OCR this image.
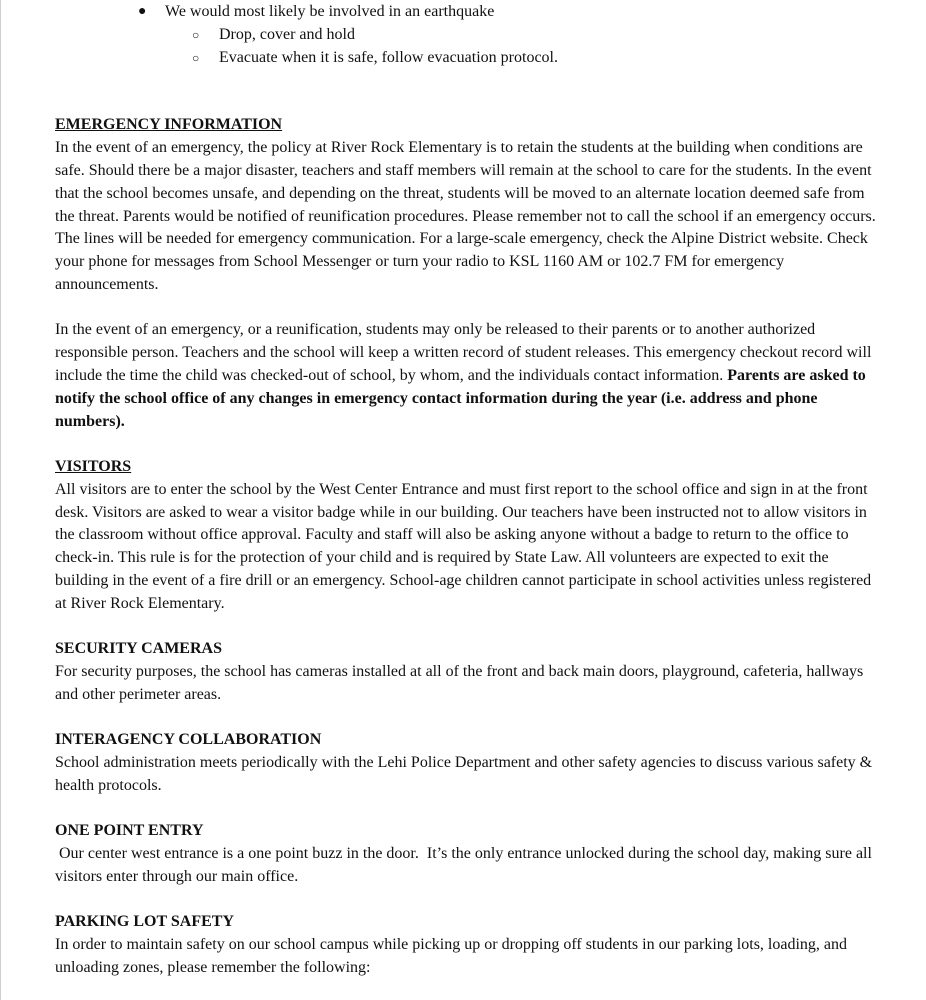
● We would most likely be involved in an earthquake
○ Drop, cover and hold
○ Evacuate when it is safe, follow evacuation protocol.

EMERGENCY INFORMATION

In the event of an emergency, the policy at River Rock Elementary is to retain the students at the building when conditions are safe. Should there be a major disaster, teachers and staff members will remain at the school to care for the students. In the event that the school becomes unsafe, and depending on the threat, students will be moved to an alternate location deemed safe from the threat. Parents would be notified of reunification procedures. Please remember not to call the school if an emergency occurs. The lines will be needed for emergency communication. For a large-scale emergency, check the Alpine District website. Check your phone for messages from School Messenger or turn your radio to KSL 1160 AM or 102.7 FM for emergency announcements.

In the event of an emergency, or a reunification, students may only be released to their parents or to another authorized responsible person. Teachers and the school will keep a written record of student releases. This emergency checkout record will include the time the child was checked-out of school, by whom, and the individuals contact information. Parents are asked to notify the school office of any changes in emergency contact information during the year (i.e. address and phone numbers).

VISITORS

All visitors are to enter the school by the West Center Entrance and must first report to the school office and sign in at the front desk. Visitors are asked to wear a visitor badge while in our building. Our teachers have been instructed not to allow visitors in the classroom without office approval. Faculty and staff will also be asking anyone without a badge to return to the office to check-in. This rule is for the protection of your child and is required by State Law. All volunteers are expected to exit the building in the event of a fire drill or an emergency. School-age children cannot participate in school activities unless registered at River Rock Elementary.

SECURITY CAMERAS

For security purposes, the school has cameras installed at all of the front and back main doors, playground, cafeteria, hallways and other perimeter areas.

INTERAGENCY COLLABORATION

School administration meets periodically with the Lehi Police Department and other safety agencies to discuss various safety & health protocols.

ONE POINT ENTRY

Our center west entrance is a one point buzz in the door.  It’s the only entrance unlocked during the school day, making sure all visitors enter through our main office.

PARKING LOT SAFETY

In order to maintain safety on our school campus while picking up or dropping off students in our parking lots, loading, and unloading zones, please remember the following:
